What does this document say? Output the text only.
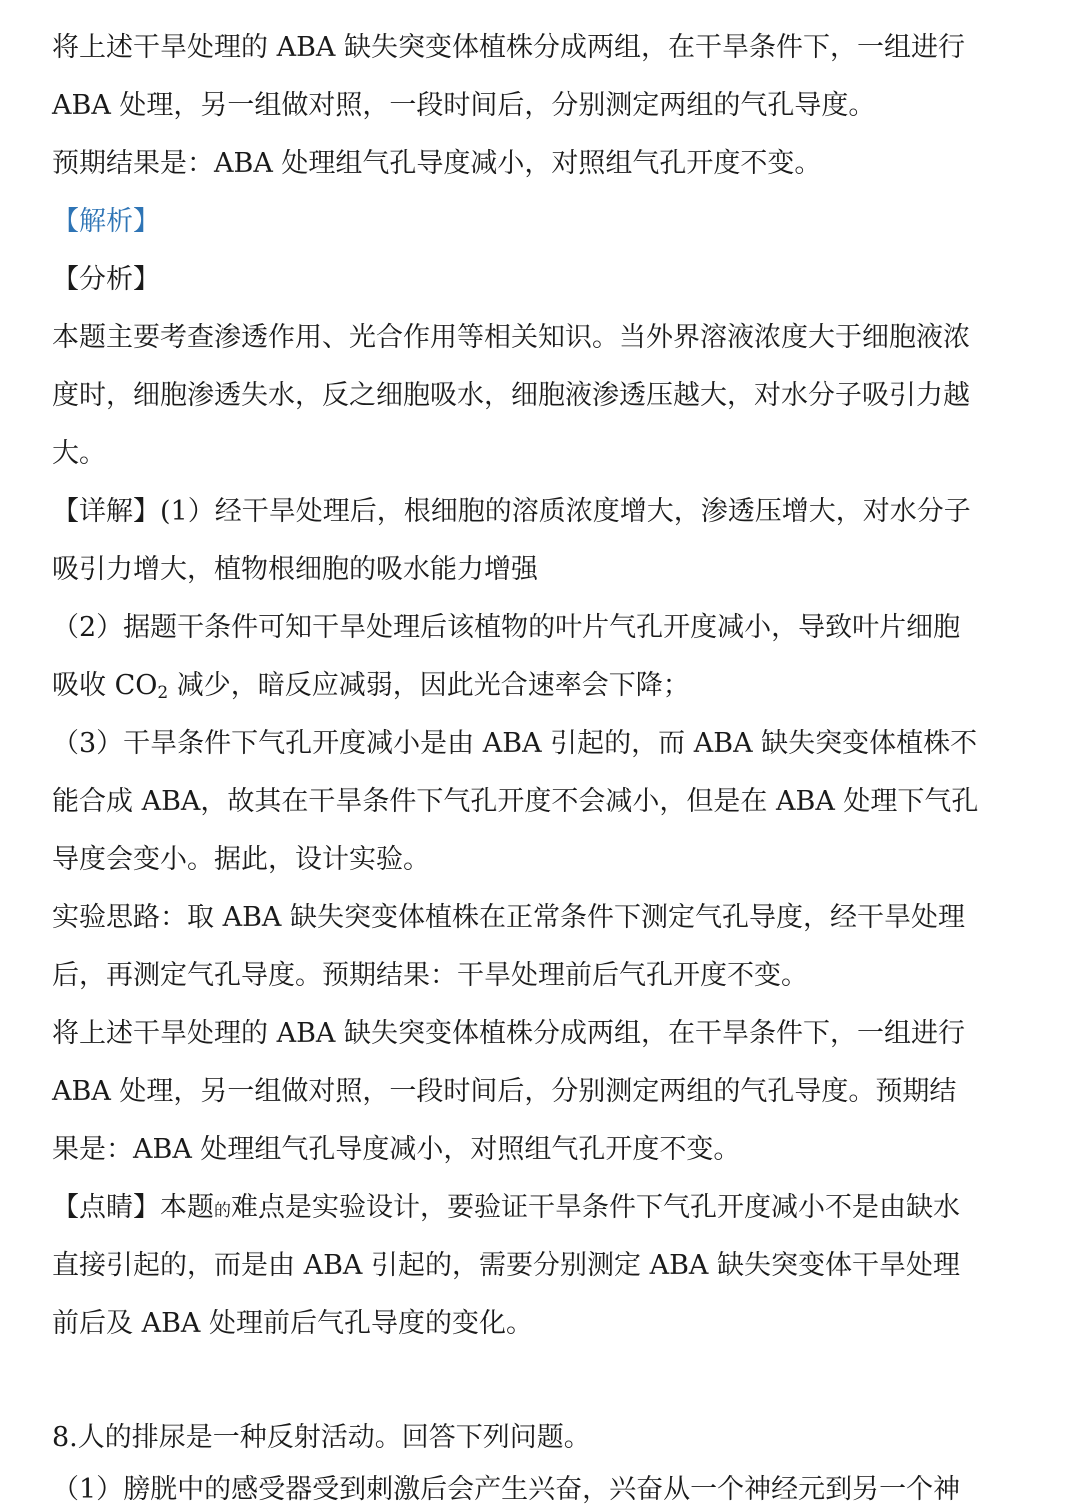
将上述干旱处理的 ABA 缺失突变体植株分成两组，在干旱条件下，一组进行
ABA 处理，另一组做对照，一段时间后，分别测定两组的气孔导度。
预期结果是：ABA 处理组气孔导度减小，对照组气孔开度不变。
【解析】
【分析】
本题主要考查渗透作用、光合作用等相关知识。当外界溶液浓度大于细胞液浓
度时，细胞渗透失水，反之细胞吸水，细胞液渗透压越大，对水分子吸引力越
大。
【详解】(1）经干旱处理后，根细胞的溶质浓度增大，渗透压增大，对水分子
吸引力增大，植物根细胞的吸水能力增强
（2）据题干条件可知干旱处理后该植物的叶片气孔开度减小，导致叶片细胞
吸收 $CO_2$ 减少，暗反应减弱，因此光合速率会下降；
（3）干旱条件下气孔开度减小是由 ABA 引起的，而 ABA 缺失突变体植株不
能合成 ABA，故其在干旱条件下气孔开度不会减小，但是在 ABA 处理下气孔
导度会变小。据此，设计实验。
实验思路：取 ABA 缺失突变体植株在正常条件下测定气孔导度，经干旱处理
后，再测定气孔导度。预期结果：干旱处理前后气孔开度不变。
将上述干旱处理的 ABA 缺失突变体植株分成两组，在干旱条件下，一组进行
ABA 处理，另一组做对照，一段时间后，分别测定两组的气孔导度。预期结
果是：ABA 处理组气孔导度减小，对照组气孔开度不变。
【点睛】本题的难点是实验设计，要验证干旱条件下气孔开度减小不是由缺水
直接引起的，而是由 ABA 引起的，需要分别测定 ABA 缺失突变体干旱处理
前后及 ABA 处理前后气孔导度的变化。
8.人的排尿是一种反射活动。回答下列问题。
（1）膀胱中的感受器受到刺激后会产生兴奋，兴奋从一个神经元到另一个神
